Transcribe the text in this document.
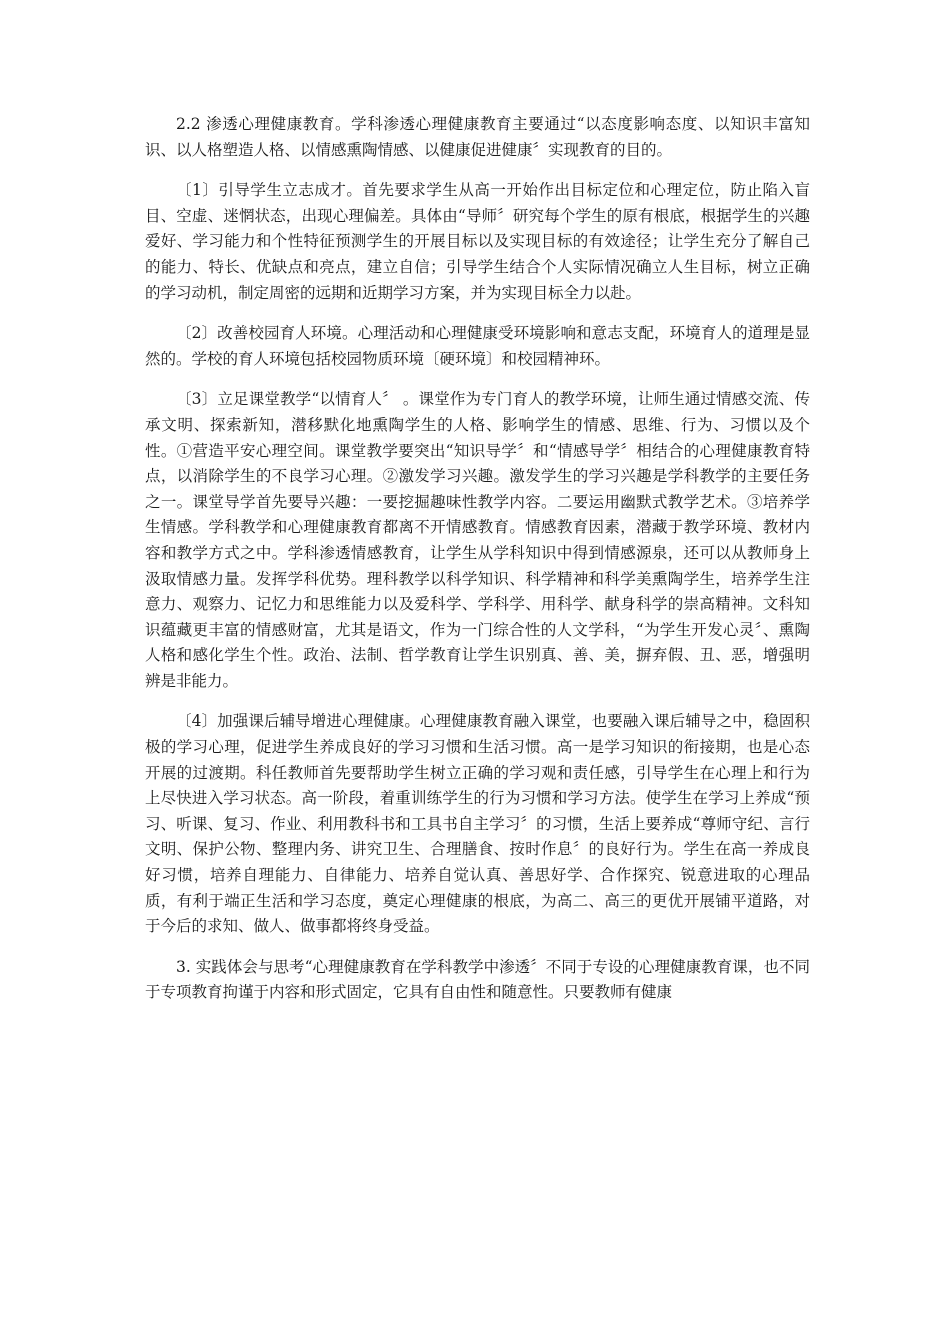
2.2 渗透心理健康教育。学科渗透心理健康教育主要通过“以态度影响态度、以知识丰富知识、以人格塑造人格、以情感熏陶情感、以健康促进健康〞实现教育的目的。

〔1〕引导学生立志成才。首先要求学生从高一开始作出目标定位和心理定位，防止陷入盲目、空虚、迷惘状态，出现心理偏差。具体由“导师〞研究每个学生的原有根底，根据学生的兴趣爱好、学习能力和个性特征预测学生的开展目标以及实现目标的有效途径；让学生充分了解自己的能力、特长、优缺点和亮点，建立自信；引导学生结合个人实际情况确立人生目标，树立正确的学习动机，制定周密的远期和近期学习方案，并为实现目标全力以赴。

〔2〕改善校园育人环境。心理活动和心理健康受环境影响和意志支配，环境育人的道理是显然的。学校的育人环境包括校园物质环境〔硬环境〕和校园精神环。

〔3〕立足课堂教学“以情育人〞 。课堂作为专门育人的教学环境，让师生通过情感交流、传承文明、探索新知，潜移默化地熏陶学生的人格、影响学生的情感、思维、行为、习惯以及个性。①营造平安心理空间。课堂教学要突出“知识导学〞和“情感导学〞相结合的心理健康教育特点，以消除学生的不良学习心理。②激发学习兴趣。激发学生的学习兴趣是学科教学的主要任务之一。课堂导学首先要导兴趣：一要挖掘趣味性教学内容。二要运用幽默式教学艺术。③培养学生情感。学科教学和心理健康教育都离不开情感教育。情感教育因素，潜藏于教学环境、教材内容和教学方式之中。学科渗透情感教育，让学生从学科知识中得到情感源泉，还可以从教师身上汲取情感力量。发挥学科优势。理科教学以科学知识、科学精神和科学美熏陶学生，培养学生注意力、观察力、记忆力和思维能力以及爱科学、学科学、用科学、献身科学的崇高精神。文科知识蕴藏更丰富的情感财富，尤其是语文，作为一门综合性的人文学科，“为学生开发心灵〞、熏陶人格和感化学生个性。政治、法制、哲学教育让学生识别真、善、美，摒弃假、丑、恶，增强明辨是非能力。

〔4〕加强课后辅导增进心理健康。心理健康教育融入课堂，也要融入课后辅导之中，稳固积极的学习心理，促进学生养成良好的学习习惯和生活习惯。高一是学习知识的衔接期，也是心态开展的过渡期。科任教师首先要帮助学生树立正确的学习观和责任感，引导学生在心理上和行为上尽快进入学习状态。高一阶段，着重训练学生的行为习惯和学习方法。使学生在学习上养成“预习、听课、复习、作业、利用教科书和工具书自主学习〞的习惯，生活上要养成“尊师守纪、言行文明、保护公物、整理内务、讲究卫生、合理膳食、按时作息〞的良好行为。学生在高一养成良好习惯，培养自理能力、自律能力、培养自觉认真、善思好学、合作探究、锐意进取的心理品质，有利于端正生活和学习态度，奠定心理健康的根底，为高二、高三的更优开展铺平道路，对于今后的求知、做人、做事都将终身受益。

3. 实践体会与思考“心理健康教育在学科教学中渗透〞不同于专设的心理健康教育课，也不同于专项教育拘谨于内容和形式固定，它具有自由性和随意性。只要教师有健康
